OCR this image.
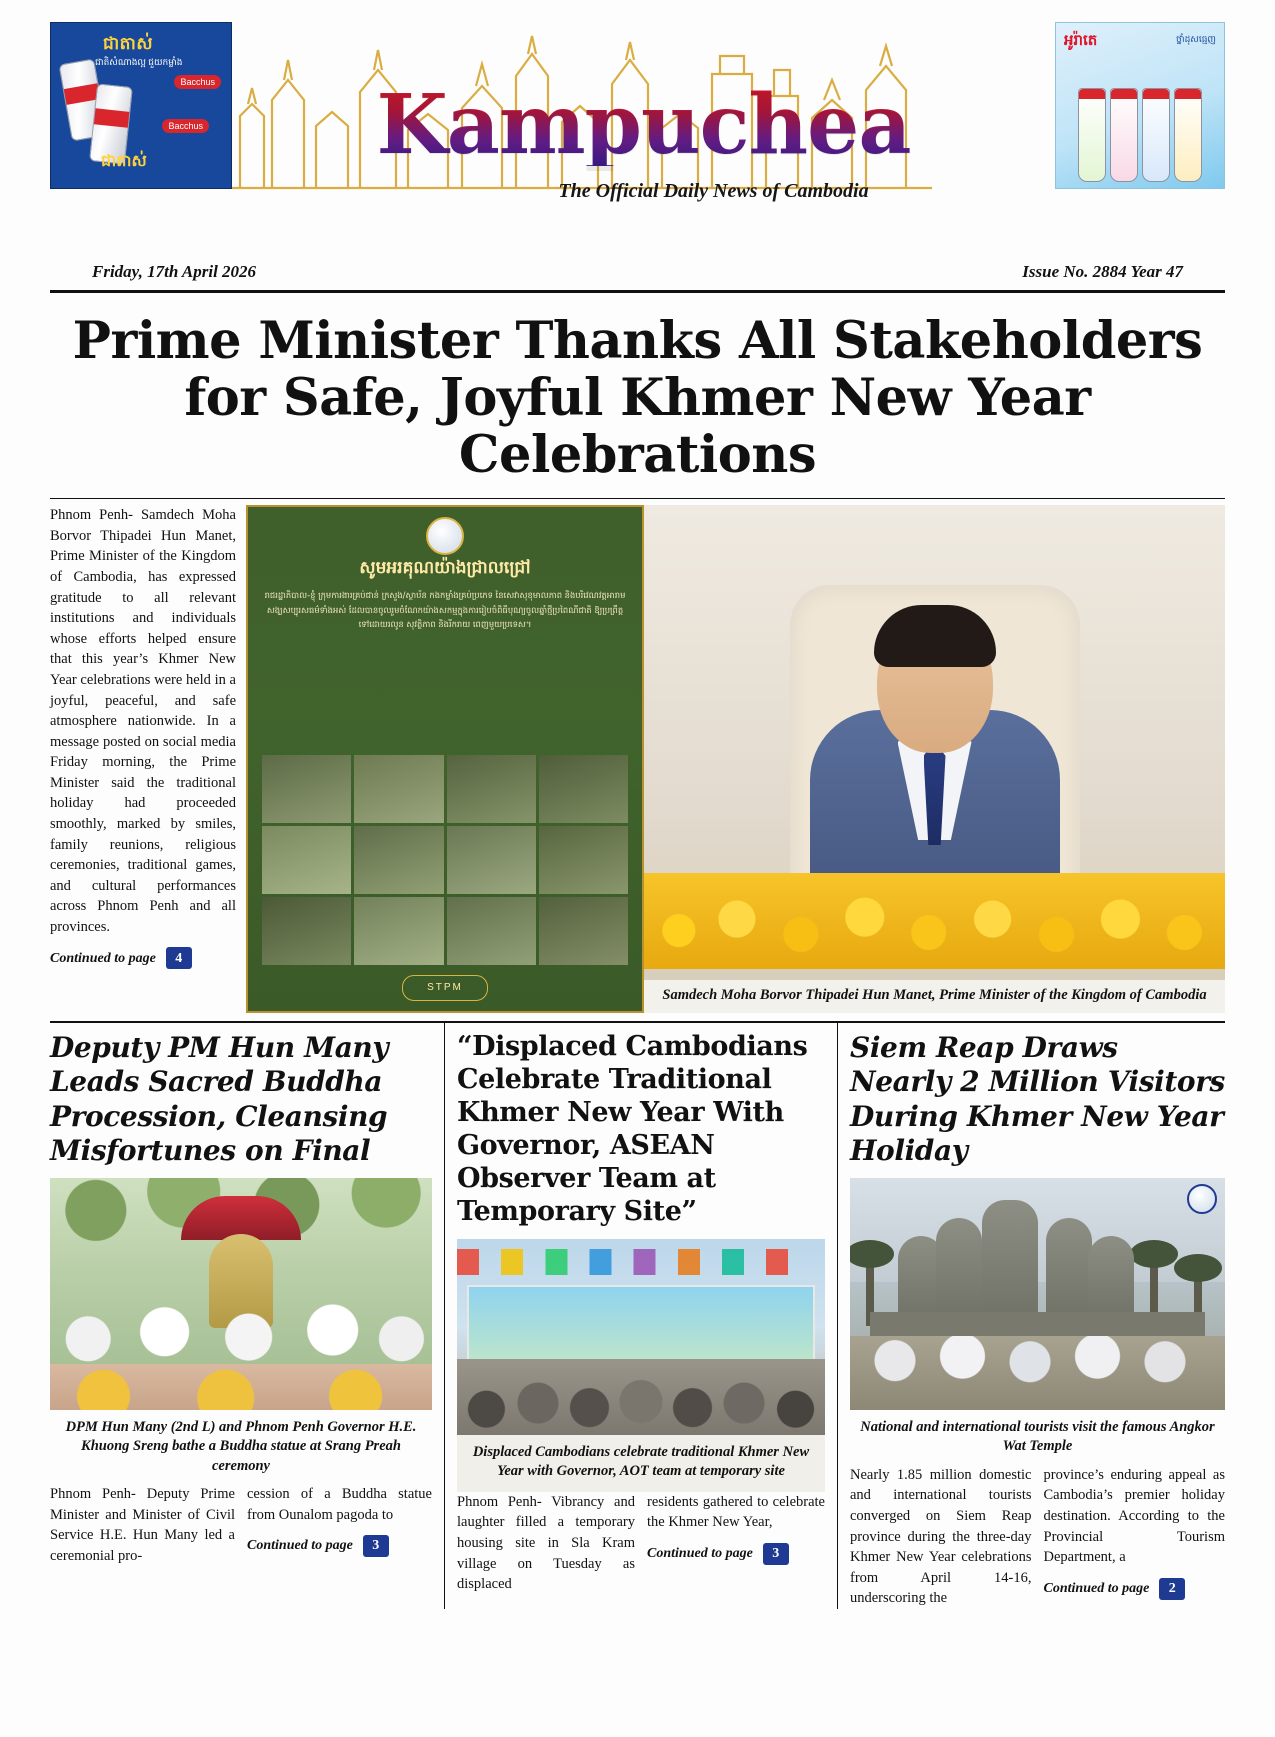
ជាតាស់
ជាតិសំណាងល្អ ជួយកម្លាំង
Bacchus
Bacchus
ជាតាស់	Kampuchea
The Official Daily News of Cambodia
អូរ៉ាតេ	ថ្នាំដុសធ្មេញ
Friday, 17th April 2026	Issue No. 2884 Year 47
Prime Minister Thanks All Stakeholders for Safe, Joyful Khmer New Year Celebrations

Phnom Penh- Samdech Moha Borvor Thipadei Hun Manet, Prime Minister of the Kingdom of Cambodia, has expressed gratitude to all relevant institutions and individuals whose efforts helped ensure that this year’s Khmer New Year celebrations were held in a joyful, peaceful, and safe atmosphere nationwide. In a message posted on social media Friday morning, the Prime Minister said the traditional holiday had proceeded smoothly, marked by smiles, family reunions, religious ceremonies, traditional games, and cultural performances across Phnom Penh and all provinces.

Continued to page	4
សូមអរគុណយ៉ាងជ្រាលជ្រៅ
រាជរដ្ឋាភិបាល-ខ្ញុំ ក្រុមការងារគ្រប់ជាន់ ក្រសួង/ស្ថាប័ន កងកម្លាំងគ្រប់ប្រភេទ នៃសេវាសុខុមាលភាព និងបរិវេណវត្តអារាមសង្ឃសប្បុរសធម៌ទាំងអស់ ដែលបានចូលរួមចំណែកយ៉ាងសកម្មក្នុងការរៀបចំពិធីបុណ្យចូលឆ្នាំថ្មីប្រពៃណីជាតិ ឱ្យប្រព្រឹត្តទៅដោយរលូន សុវត្ថិភាព និងរីករាយ ពេញមួយប្រទេស។
STPM	Samdech Moha Borvor Thipadei Hun Manet, Prime Minister of the Kingdom of Cambodia
Deputy PM Hun Many Leads Sacred Buddha Procession, Cleansing Misfortunes on Final
DPM Hun Many (2nd L) and Phnom Penh Governor H.E. Khuong Sreng bathe a Buddha statue at Srang Preah ceremony

Phnom Penh- Deputy Prime Minister and Minister of Civil Service H.E. Hun Many led a ceremonial pro-

cession of a Buddha statue from Ounalom pagoda to

Continued to page	3
“Displaced Cambodians Celebrate Traditional Khmer New Year With Governor, ASEAN Observer Team at Temporary Site”
Displaced Cambodians celebrate traditional Khmer New Year with Governor, AOT team at temporary site

Phnom Penh- Vibrancy and laughter filled a temporary housing site in Sla Kram village on Tuesday as displaced

residents gathered to celebrate the Khmer New Year,

Continued to page	3
Siem Reap Draws Nearly 2 Million Visitors During Khmer New Year Holiday
National and international tourists visit the famous Angkor Wat Temple

Nearly 1.85 million domestic and international tourists converged on Siem Reap province during the three-day Khmer New Year celebrations from April 14-16, underscoring the

province’s enduring appeal as Cambodia’s premier holiday destination. According to the Provincial Tourism Department, a

Continued to page	2
